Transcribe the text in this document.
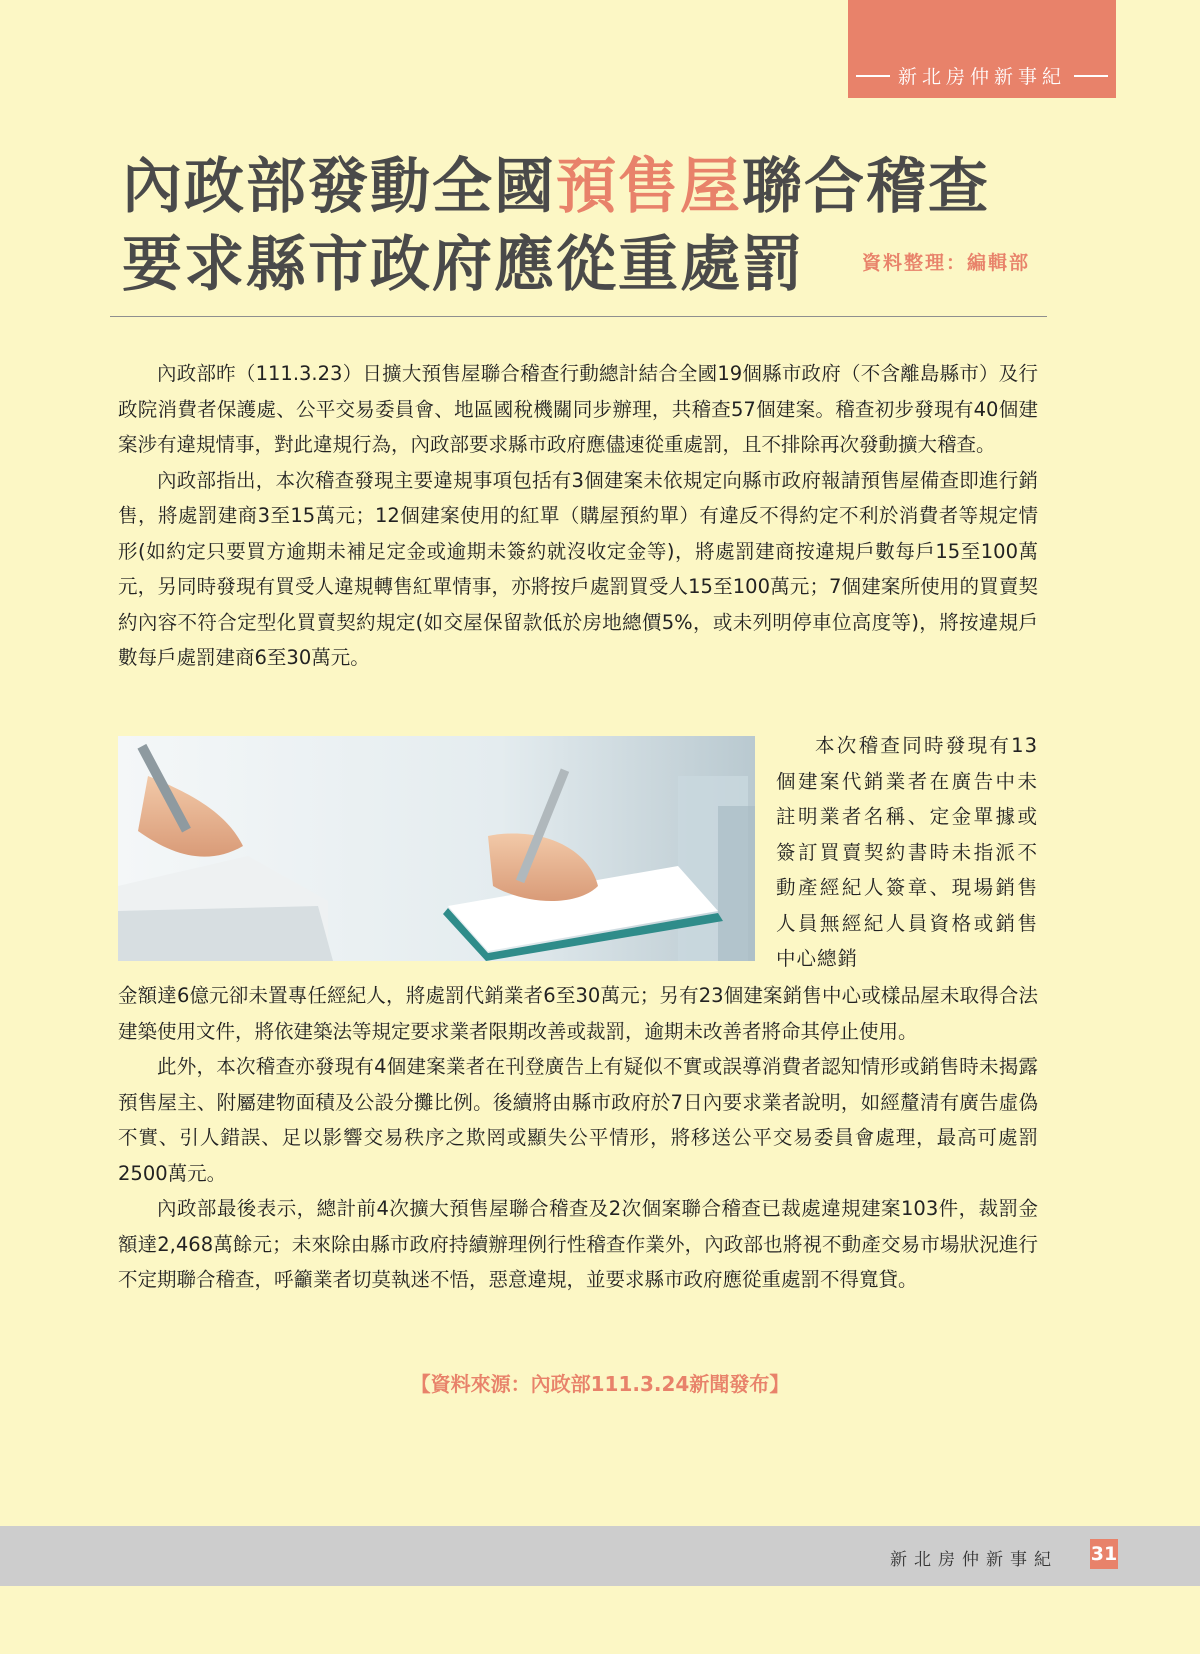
新北房仲新事紀
內政部發動全國預售屋聯合稽查
要求縣市政府應從重處罰	資料整理：編輯部

內政部昨（111.3.23）日擴大預售屋聯合稽查行動總計結合全國19個縣市政府（不含離島縣市）及行政院消費者保護處、公平交易委員會、地區國稅機關同步辦理，共稽查57個建案。稽查初步發現有40個建案涉有違規情事，對此違規行為，內政部要求縣市政府應儘速從重處罰，且不排除再次發動擴大稽查。

內政部指出，本次稽查發現主要違規事項包括有3個建案未依規定向縣市政府報請預售屋備查即進行銷售，將處罰建商3至15萬元；12個建案使用的紅單（購屋預約單）有違反不得約定不利於消費者等規定情形(如約定只要買方逾期未補足定金或逾期未簽約就沒收定金等)，將處罰建商按違規戶數每戶15至100萬元，另同時發現有買受人違規轉售紅單情事，亦將按戶處罰買受人15至100萬元；7個建案所使用的買賣契約內容不符合定型化買賣契約規定(如交屋保留款低於房地總價5%，或未列明停車位高度等)，將按違規戶數每戶處罰建商6至30萬元。

本次稽查同時發現有13個建案代銷業者在廣告中未註明業者名稱、定金單據或簽訂買賣契約書時未指派不動產經紀人簽章、現場銷售人員無經紀人員資格或銷售中心總銷

金額達6億元卻未置專任經紀人，將處罰代銷業者6至30萬元；另有23個建案銷售中心或樣品屋未取得合法建築使用文件，將依建築法等規定要求業者限期改善或裁罰，逾期未改善者將命其停止使用。

此外，本次稽查亦發現有4個建案業者在刊登廣告上有疑似不實或誤導消費者認知情形或銷售時未揭露預售屋主、附屬建物面積及公設分攤比例。後續將由縣市政府於7日內要求業者說明，如經釐清有廣告虛偽不實、引人錯誤、足以影響交易秩序之欺罔或顯失公平情形，將移送公平交易委員會處理，最高可處罰2500萬元。

內政部最後表示，總計前4次擴大預售屋聯合稽查及2次個案聯合稽查已裁處違規建案103件，裁罰金額達2,468萬餘元；未來除由縣市政府持續辦理例行性稽查作業外，內政部也將視不動產交易市場狀況進行不定期聯合稽查，呼籲業者切莫執迷不悟，惡意違規，並要求縣市政府應從重處罰不得寬貸。

【資料來源：內政部111.3.24新聞發布】
新北房仲新事紀 31
